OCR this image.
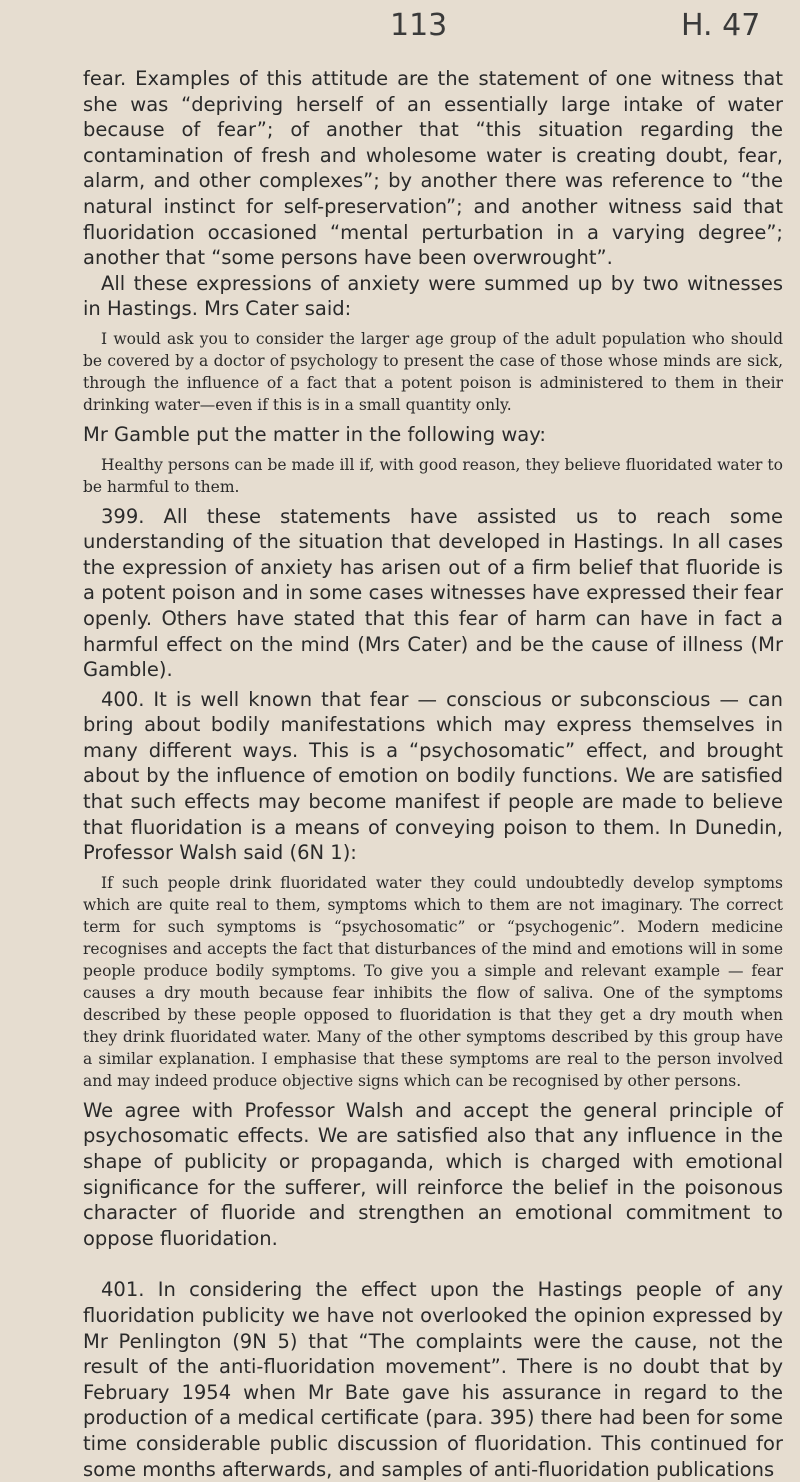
113	H. 47

fear. Examples of this attitude are the statement of one witness that she was “depriving herself of an essentially large intake of water because of fear”; of another that “this situation regarding the contamination of fresh and wholesome water is creating doubt, fear, alarm, and other complexes”; by another there was reference to “the natural instinct for self-preservation”; and another witness said that fluoridation occasioned “mental perturbation in a varying degree”; another that “some persons have been overwrought”.

All these expressions of anxiety were summed up by two witnesses in Hastings. Mrs Cater said:

I would ask you to consider the larger age group of the adult population who should be covered by a doctor of psychology to present the case of those whose minds are sick, through the influence of a fact that a potent poison is administered to them in their drinking water—even if this is in a small quantity only.

Mr Gamble put the matter in the following way:

Healthy persons can be made ill if, with good reason, they believe fluoridated water to be harmful to them.

399. All these statements have assisted us to reach some understanding of the situation that developed in Hastings. In all cases the expression of anxiety has arisen out of a firm belief that fluoride is a potent poison and in some cases witnesses have expressed their fear openly. Others have stated that this fear of harm can have in fact a harmful effect on the mind (Mrs Cater) and be the cause of illness (Mr Gamble).

400. It is well known that fear — conscious or subconscious — can bring about bodily manifestations which may express themselves in many different ways. This is a “psychosomatic” effect, and brought about by the influence of emotion on bodily functions. We are satisfied that such effects may become manifest if people are made to believe that fluoridation is a means of conveying poison to them. In Dunedin, Professor Walsh said (6N 1):

If such people drink fluoridated water they could undoubtedly develop symptoms which are quite real to them, symptoms which to them are not imaginary. The correct term for such symptoms is “psychosomatic” or “psychogenic”. Modern medicine recognises and accepts the fact that disturbances of the mind and emotions will in some people produce bodily symptoms. To give you a simple and relevant example — fear causes a dry mouth because fear inhibits the flow of saliva. One of the symptoms described by these people opposed to fluoridation is that they get a dry mouth when they drink fluoridated water. Many of the other symptoms described by this group have a similar explanation. I emphasise that these symptoms are real to the person involved and may indeed produce objective signs which can be recognised by other persons.

We agree with Professor Walsh and accept the general principle of psychosomatic effects. We are satisfied also that any influence in the shape of publicity or propaganda, which is charged with emotional significance for the sufferer, will reinforce the belief in the poisonous character of fluoride and strengthen an emotional commitment to oppose fluoridation.

401. In considering the effect upon the Hastings people of any fluoridation publicity we have not overlooked the opinion expressed by Mr Penlington (9N 5) that “The complaints were the cause, not the result of the anti-fluoridation movement”. There is no doubt that by February 1954 when Mr Bate gave his assurance in regard to the production of a medical certificate (para. 395) there had been for some time considerable public discussion of fluoridation. This continued for some months afterwards, and samples of anti-fluoridation publications
